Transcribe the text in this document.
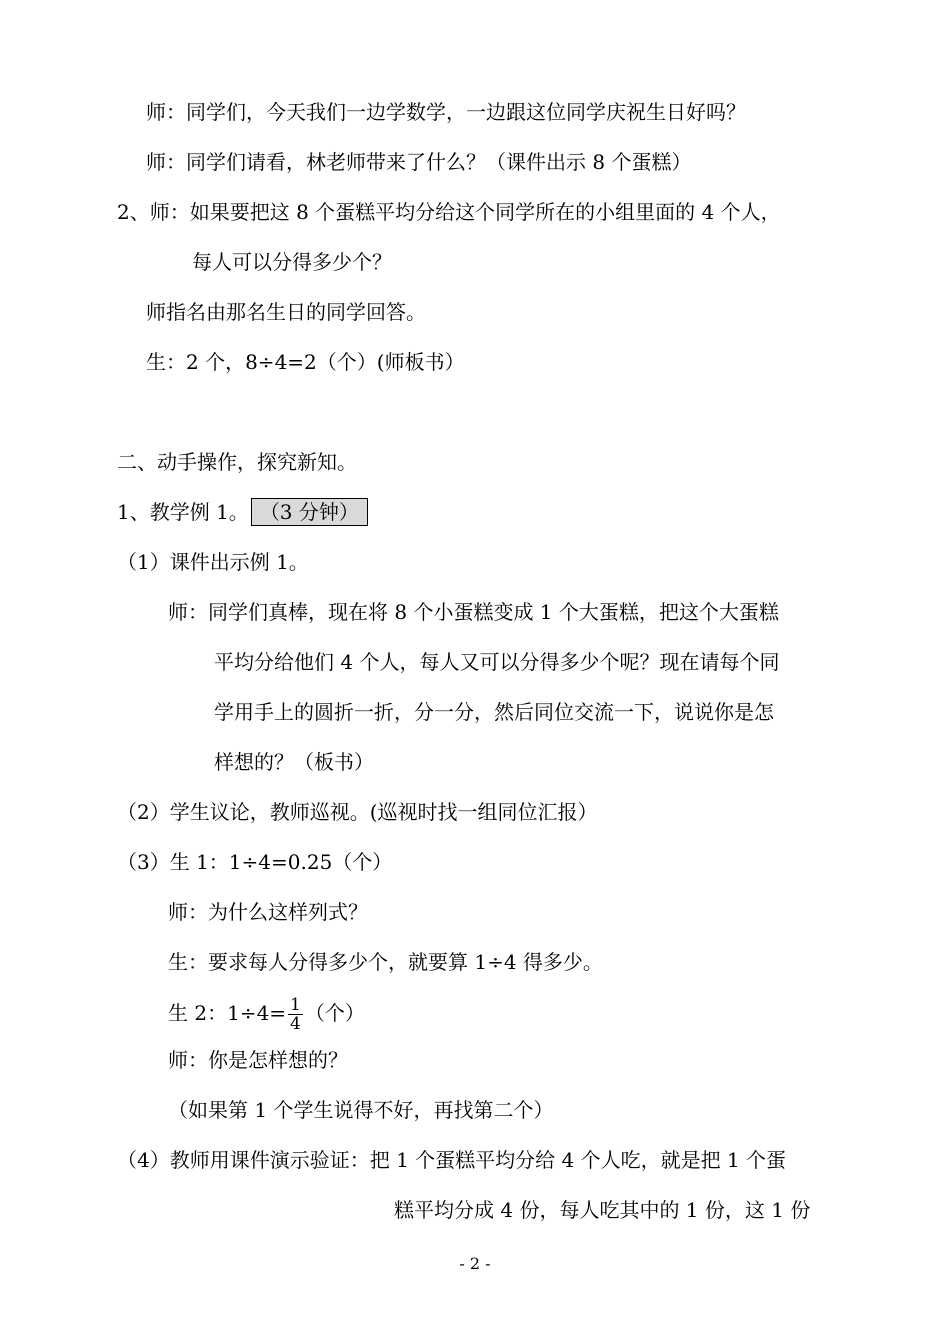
师：同学们，今天我们一边学数学，一边跟这位同学庆祝生日好吗？
师：同学们请看，林老师带来了什么？（课件出示 8 个蛋糕）
2、师：如果要把这 8 个蛋糕平均分给这个同学所在的小组里面的 4 个人，
每人可以分得多少个？
师指名由那名生日的同学回答。
生：2 个，8÷4=2（个）(师板书）
二、动手操作，探究新知。
1、教学例 1。 （3 分钟）
（1）课件出示例 1。
师：同学们真棒，现在将 8 个小蛋糕变成 1 个大蛋糕，把这个大蛋糕
平均分给他们 4 个人，每人又可以分得多少个呢？现在请每个同
学用手上的圆折一折，分一分，然后同位交流一下，说说你是怎
样想的？（板书）
（2）学生议论，教师巡视。(巡视时找一组同位汇报）
（3）生 1：1÷4=0.25（个）
师：为什么这样列式？
生：要求每人分得多少个，就要算 1÷4 得多少。
生 2：$1\div 4= \frac{1}{4}$ （个）
师：你是怎样想的？
（如果第 1 个学生说得不好，再找第二个）
（4）教师用课件演示验证：把 1 个蛋糕平均分给 4 个人吃，就是把 1 个蛋
糕平均分成 4 份，每人吃其中的 1 份，这 1 份
- 2 -
